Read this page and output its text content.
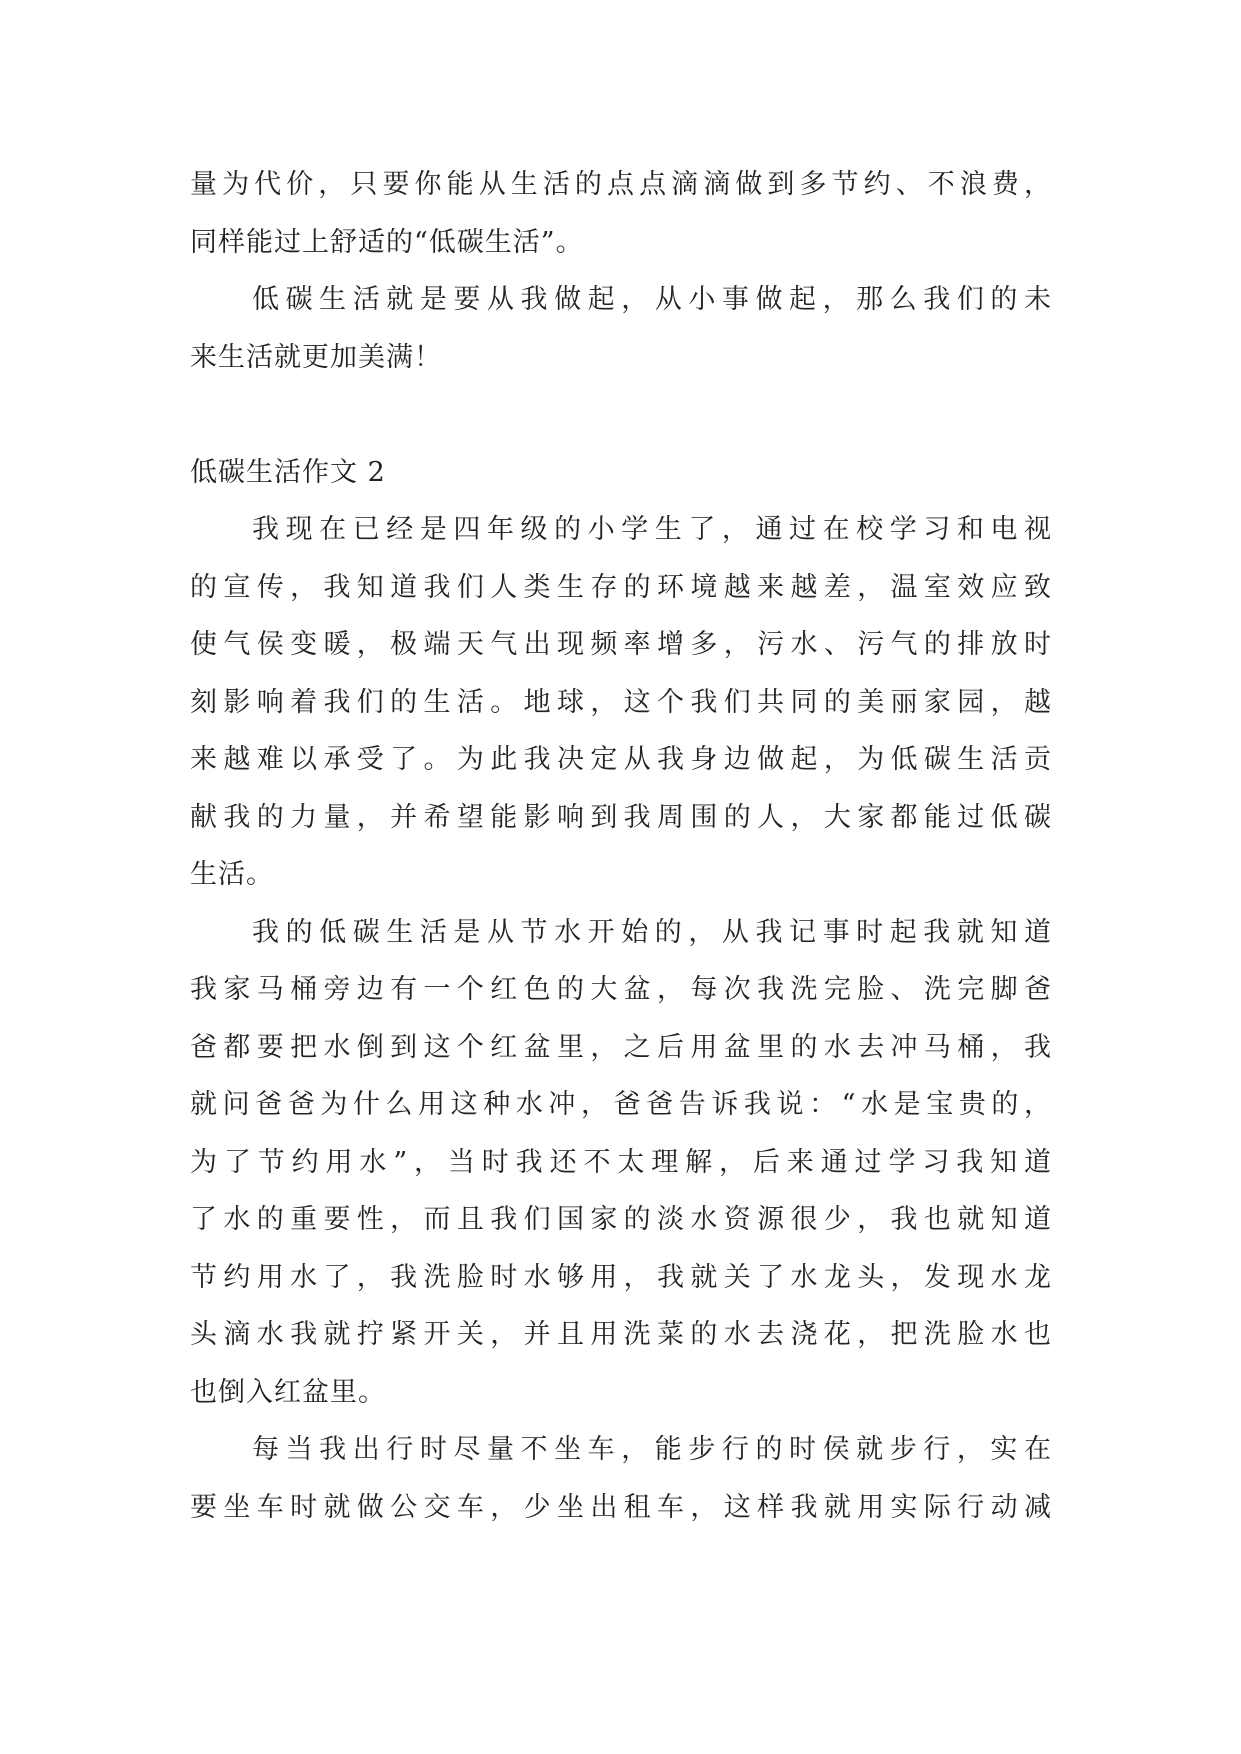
量为代价，只要你能从生活的点点滴滴做到多节约、不浪费，
同样能过上舒适的“低碳生活”。
低碳生活就是要从我做起，从小事做起，那么我们的未
来生活就更加美满！
低碳生活作文 2
我现在已经是四年级的小学生了，通过在校学习和电视
的宣传，我知道我们人类生存的环境越来越差，温室效应致
使气侯变暖，极端天气出现频率增多，污水、污气的排放时
刻影响着我们的生活。地球，这个我们共同的美丽家园，越
来越难以承受了。为此我决定从我身边做起，为低碳生活贡
献我的力量，并希望能影响到我周围的人，大家都能过低碳
生活。
我的低碳生活是从节水开始的，从我记事时起我就知道
我家马桶旁边有一个红色的大盆，每次我洗完脸、洗完脚爸
爸都要把水倒到这个红盆里，之后用盆里的水去冲马桶，我
就问爸爸为什么用这种水冲，爸爸告诉我说：“水是宝贵的，
为了节约用水”，当时我还不太理解，后来通过学习我知道
了水的重要性，而且我们国家的淡水资源很少，我也就知道
节约用水了，我洗脸时水够用，我就关了水龙头，发现水龙
头滴水我就拧紧开关，并且用洗菜的水去浇花，把洗脸水也
也倒入红盆里。
每当我出行时尽量不坐车，能步行的时侯就步行，实在
要坐车时就做公交车，少坐出租车，这样我就用实际行动减
